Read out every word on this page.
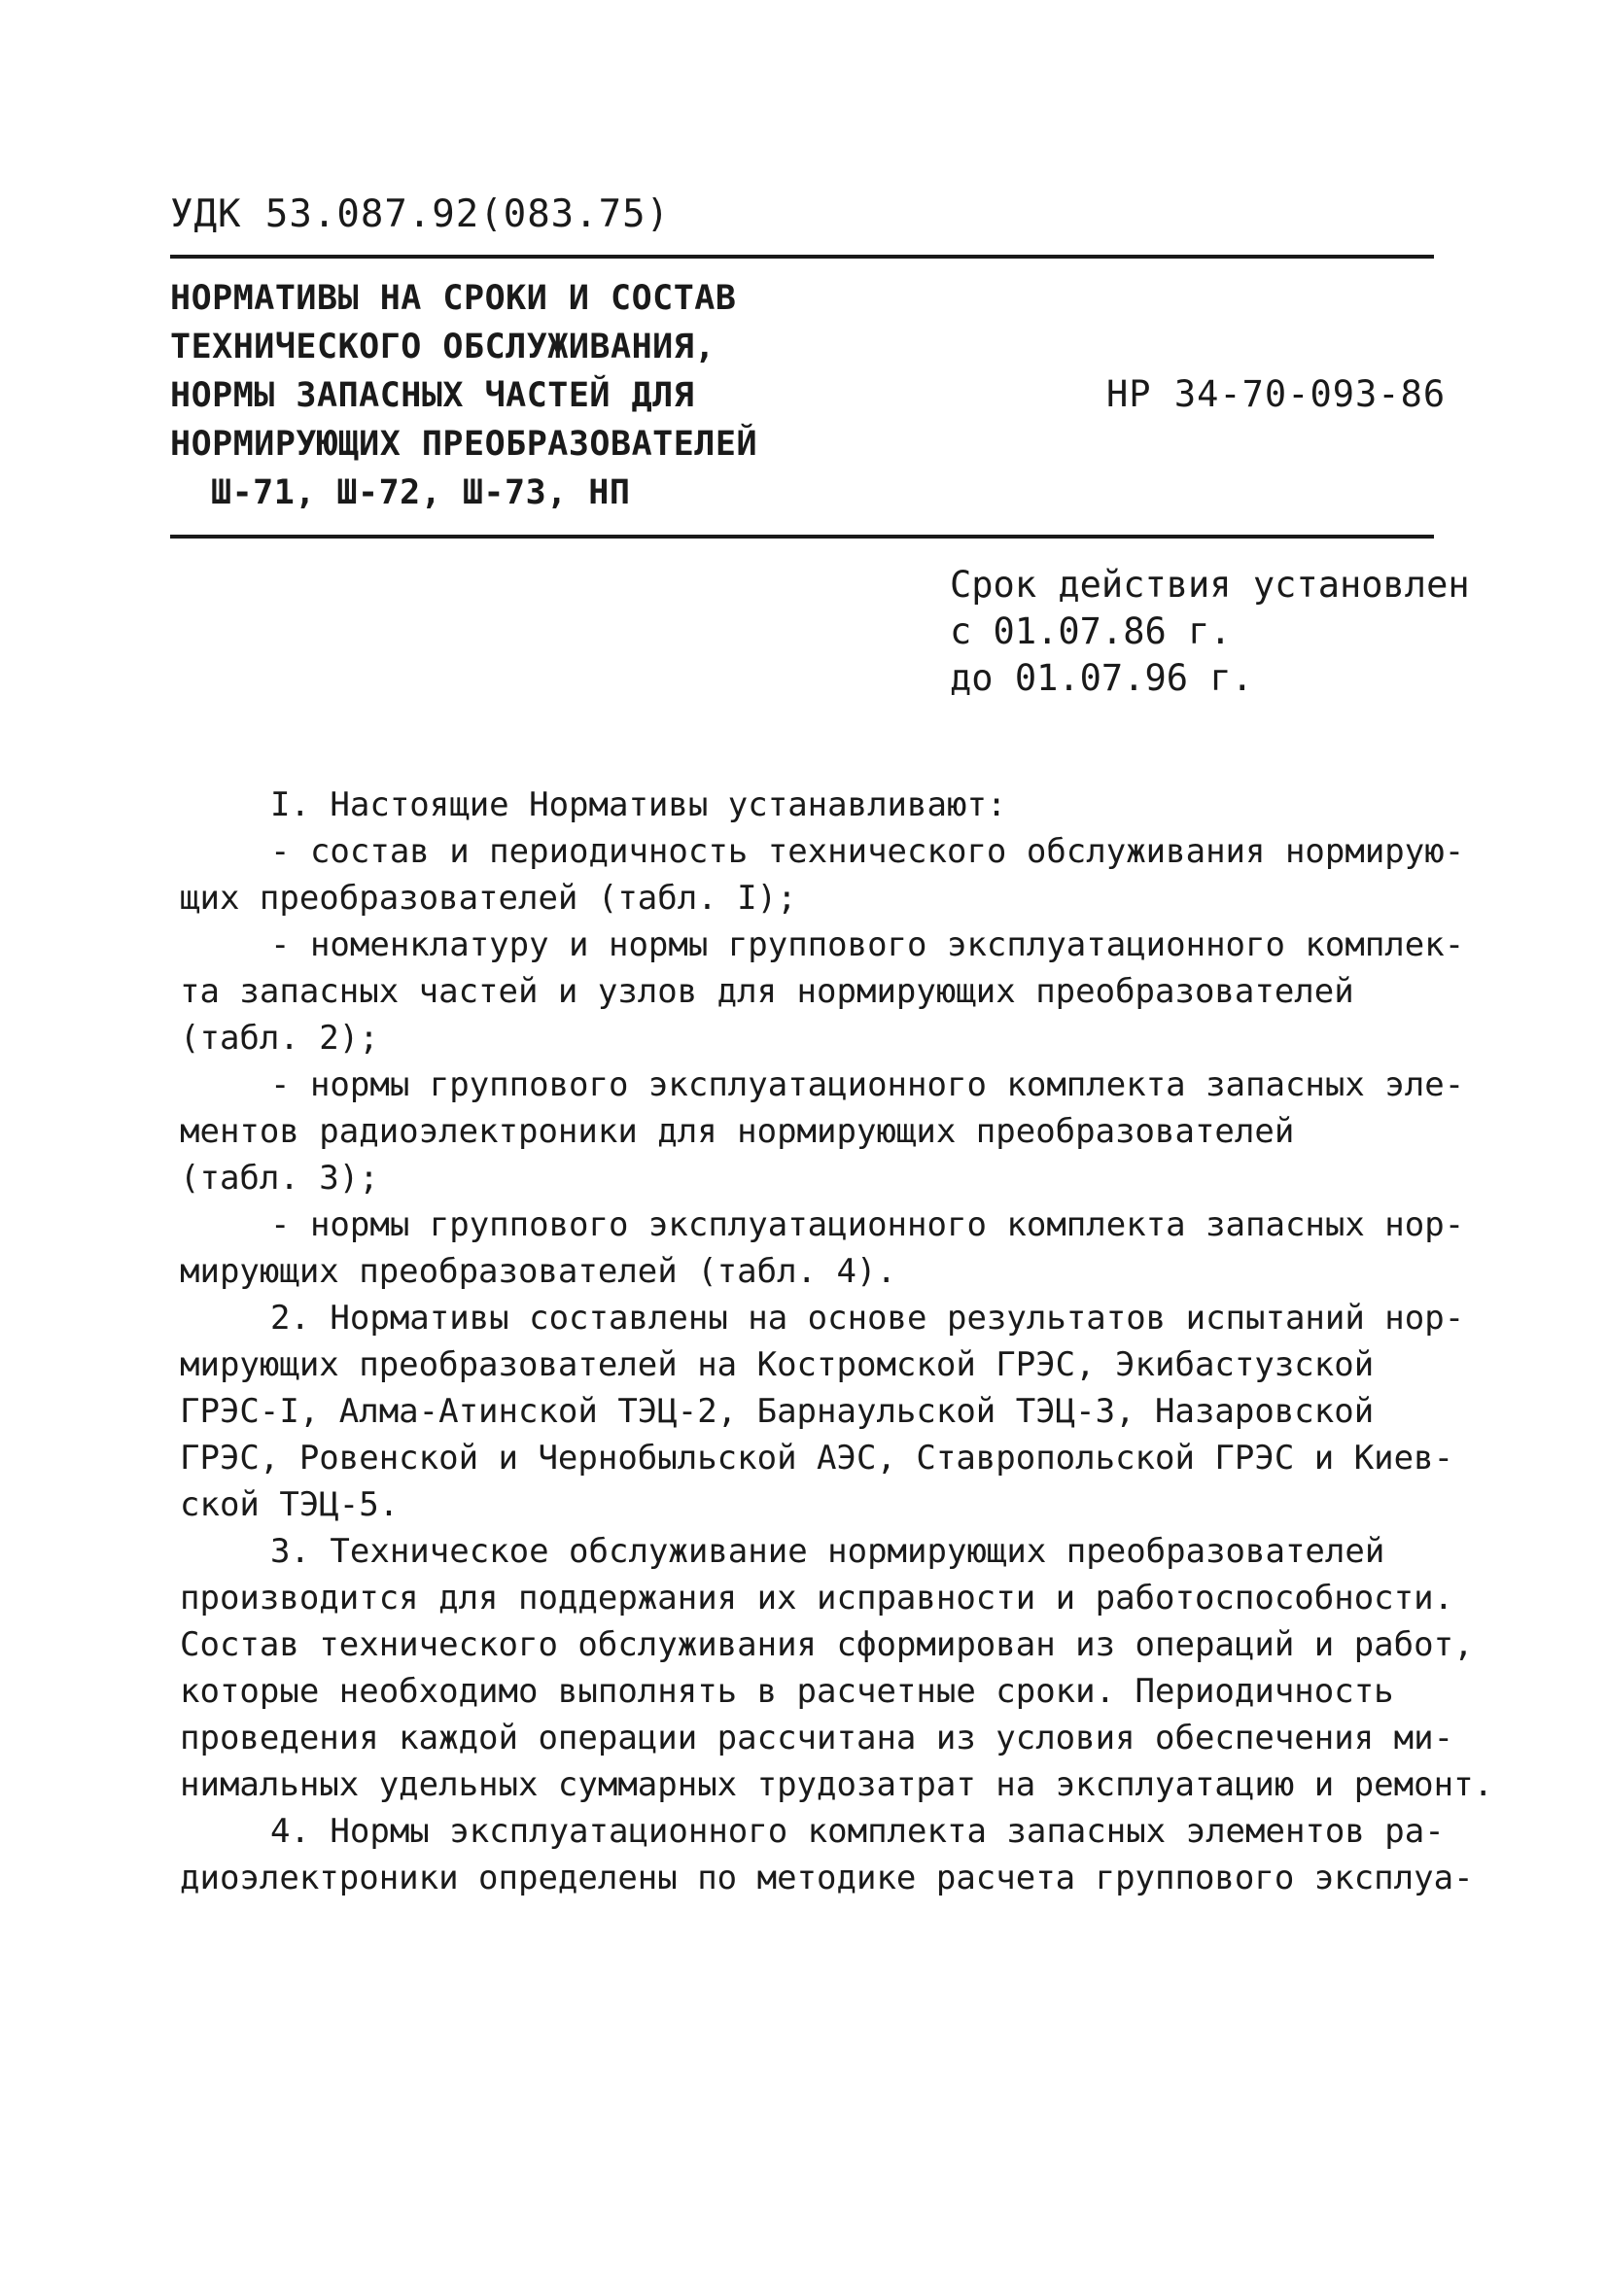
УДК 53.087.92(083.75)
НОРМАТИВЫ НА СРОКИ И СОСТАВ
ТЕХНИЧЕСКОГО ОБСЛУЖИВАНИЯ,
НОРМЫ ЗАПАСНЫХ ЧАСТЕЙ ДЛЯ
НОРМИРУЮЩИХ ПРЕОБРАЗОВАТЕЛЕЙ
Ш-71, Ш-72, Ш-73, НП
НР 34-70-093-86
Срок действия установлен
с 01.07.86 г.
до 01.07.96 г.
I. Настоящие Нормативы устанавливают:
- состав и периодичность технического обслуживания нормирую-
щих преобразователей (табл. I);
- номенклатуру и нормы группового эксплуатационного комплек-
та запасных частей и узлов для нормирующих преобразователей
(табл. 2);
- нормы группового эксплуатационного комплекта запасных эле-
ментов радиоэлектроники для нормирующих преобразователей
(табл. 3);
- нормы группового эксплуатационного комплекта запасных нор-
мирующих преобразователей (табл. 4).
2. Нормативы составлены на основе результатов испытаний нор-
мирующих преобразователей на Костромской ГРЭС, Экибастузской
ГРЭС-I, Алма-Атинской ТЭЦ-2, Барнаульской ТЭЦ-3, Назаровской
ГРЭС, Ровенской и Чернобыльской АЭС, Ставропольской ГРЭС и Киев-
ской ТЭЦ-5.
3. Техническое обслуживание нормирующих преобразователей
производится для поддержания их исправности и работоспособности.
Состав технического обслуживания сформирован из операций и работ,
которые необходимо выполнять в расчетные сроки. Периодичность
проведения каждой операции рассчитана из условия обеспечения ми-
нимальных удельных суммарных трудозатрат на эксплуатацию и ремонт.
4. Нормы эксплуатационного комплекта запасных элементов ра-
диоэлектроники определены по методике расчета группового эксплуа-
